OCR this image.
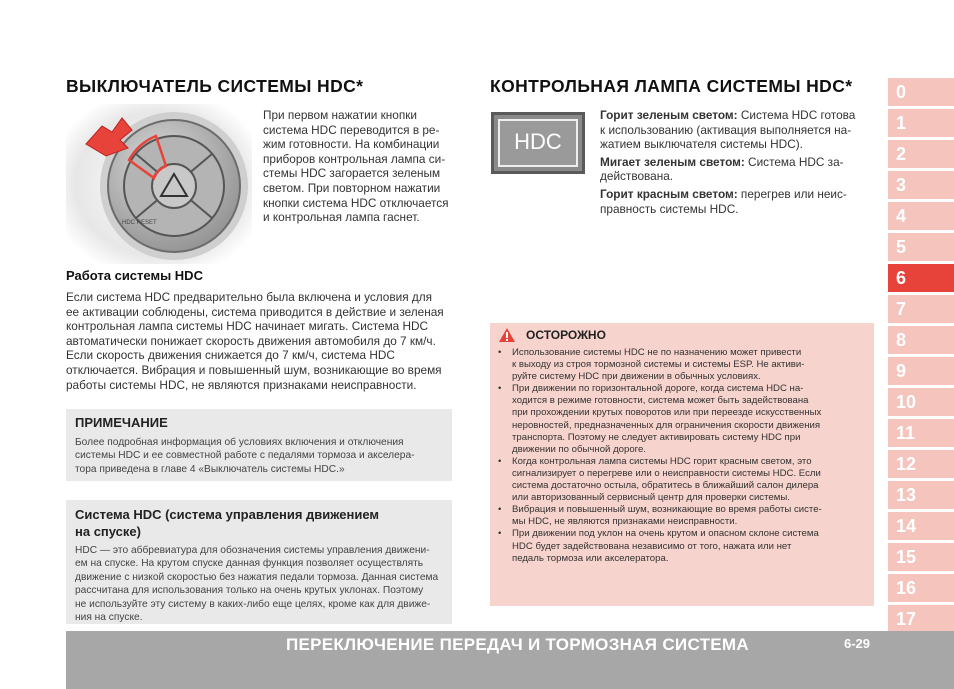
ВЫКЛЮЧАТЕЛЬ СИСТЕМЫ HDC*
HDC RESET
При первом нажатии кнопки
система HDC переводится в ре-
жим готовности. На комбинации
приборов контрольная лампа си-
стемы HDC загорается зеленым
светом. При повторном нажатии
кнопки система HDC отключается
и контрольная лампа гаснет.
Работа системы HDC
Если система HDC предварительно была включена и условия для
ее активации соблюдены, система приводится в действие и зеленая
контрольная лампа системы HDC начинает мигать. Система HDC
автоматически понижает скорость движения автомобиля до 7 км/ч.
Если скорость движения снижается до 7 км/ч, система HDC
отключается. Вибрация и повышенный шум, возникающие во время
работы системы HDC, не являются признаками неисправности.
ПРИМЕЧАНИЕ
Более подробная информация об условиях включения и отключения
системы HDC и ее совместной работе с педалями тормоза и акселера-
тора приведена в главе 4 «Выключатель системы HDC.»
Система HDC (система управления движением
на спуске)
HDC — это аббревиатура для обозначения системы управления движени-
ем на спуске. На крутом спуске данная функция позволяет осуществлять
движение с низкой скоростью без нажатия педали тормоза. Данная система
рассчитана для использования только на очень крутых уклонах. Поэтому
не используйте эту систему в каких-либо еще целях, кроме как для движе-
ния на спуске.
КОНТРОЛЬНАЯ ЛАМПА СИСТЕМЫ HDC*
HDC
Горит зеленым светом: Система HDC готова
к использованию (активация выполняется на-
жатием выключателя системы HDC).
Мигает зеленым светом: Система HDC за-
действована.
Горит красным светом: перегрев или неис-
правность системы HDC.
ОСТОРОЖНО
• Использование системы HDC не по назначению может привести
к выходу из строя тормозной системы и системы ESP. Не активи-
руйте систему HDC при движении в обычных условиях.
• При движении по горизонтальной дороге, когда система HDC на-
ходится в режиме готовности, система может быть задействована
при прохождении крутых поворотов или при переезде искусственных
неровностей, предназначенных для ограничения скорости движения
транспорта. Поэтому не следует активировать систему HDC при
движении по обычной дороге.
• Когда контрольная лампа системы HDC горит красным светом, это
сигнализирует о перегреве или о неисправности системы HDC. Если
система достаточно остыла, обратитесь в ближайший салон дилера
или авторизованный сервисный центр для проверки системы.
• Вибрация и повышенный шум, возникающие во время работы систе-
мы HDC, не являются признаками неисправности.
• При движении под уклон на очень крутом и опасном склоне система
HDC будет задействована независимо от того, нажата или нет
педаль тормоза или акселератора.
0
1
2
3
4
5
6
7
8
9
10
11
12
13
14
15
16
17
ПЕРЕКЛЮЧЕНИЕ ПЕРЕДАЧ И ТОРМОЗНАЯ СИСТЕМА	6-29
